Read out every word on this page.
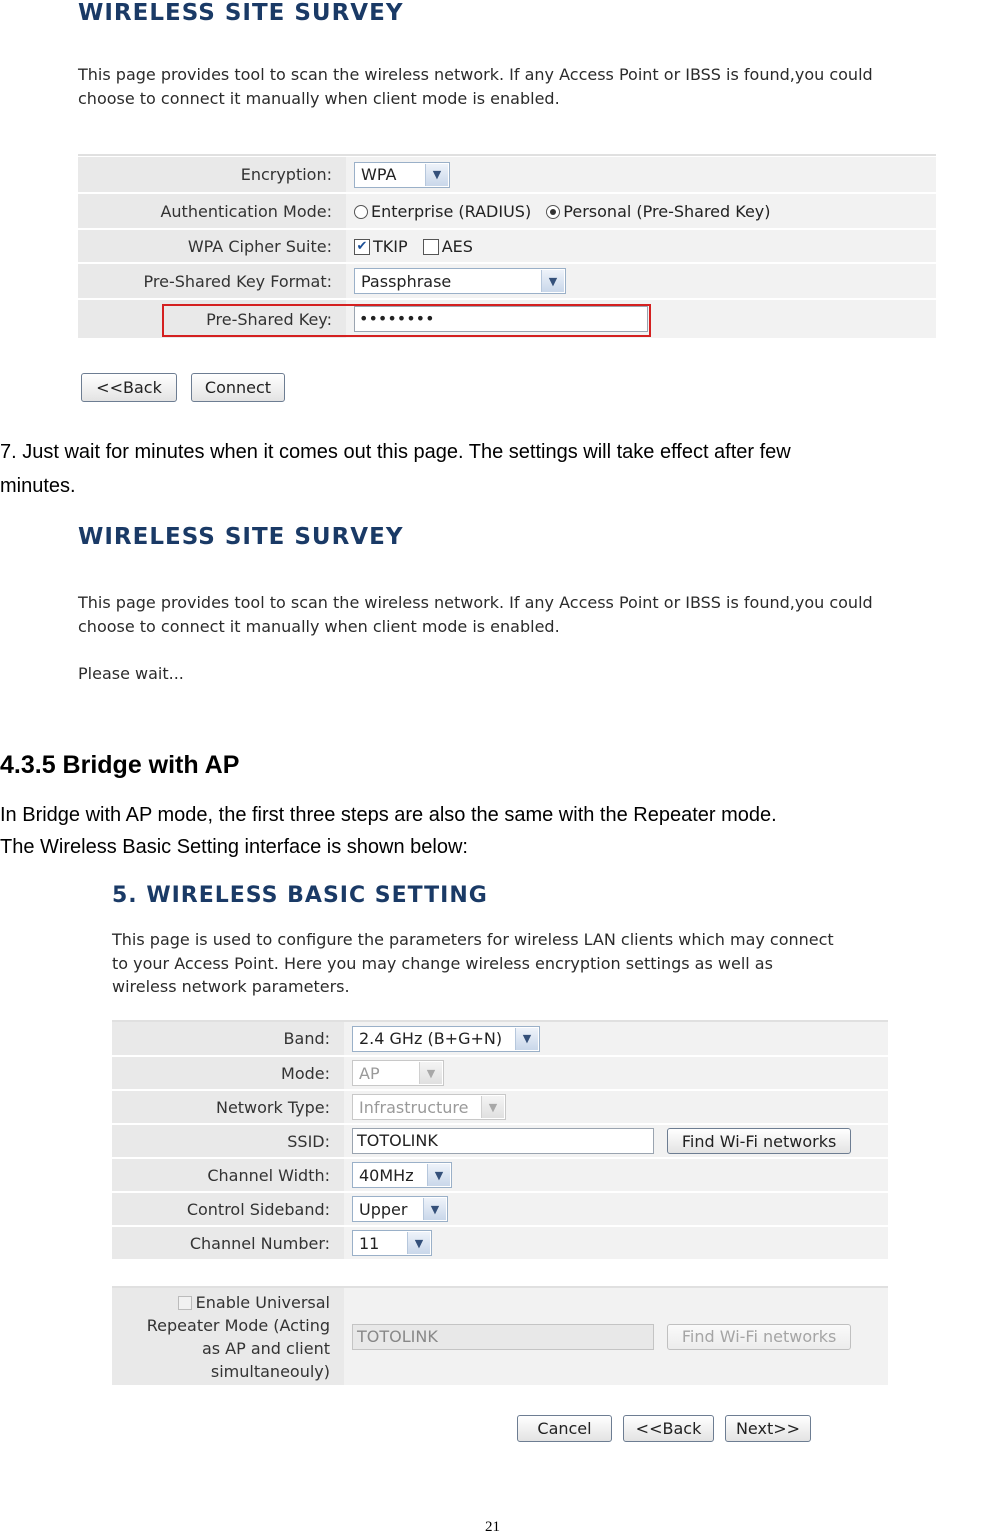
WIRELESS SITE SURVEY
This page provides tool to scan the wireless network. If any Access Point or IBSS is found,you could
choose to connect it manually when client mode is enabled.
Encryption:	WPA ▼

Authentication Mode:	Enterprise (RADIUS) Personal (Pre-Shared Key)
WPA Cipher Suite:	✔ TKIP AES
Pre-Shared Key Format:	Passphrase ▼

Pre-Shared Key:	••••••••
<<Back	Connect
7. Just wait for minutes when it comes out this page. The settings will take effect after few
minutes.
WIRELESS SITE SURVEY
This page provides tool to scan the wireless network. If any Access Point or IBSS is found,you could
choose to connect it manually when client mode is enabled.
Please wait...
4.3.5 Bridge with AP
In Bridge with AP mode, the first three steps are also the same with the Repeater mode.
The Wireless Basic Setting interface is shown below:
5. WIRELESS BASIC SETTING
This page is used to configure the parameters for wireless LAN clients which may connect
to your Access Point. Here you may change wireless encryption settings as well as
wireless network parameters.
Band:	2.4 GHz (B+G+N) ▼

Mode:	AP ▼

Network Type:	Infrastructure ▼

SSID:	TOTOLINK Find Wi-Fi networks
Channel Width:	40MHz ▼

Control Sideband:	Upper ▼

Channel Number:	11 ▼
Enable Universal
Repeater Mode (Acting
as AP and client
simultaneouly)	TOTOLINK	Find Wi-Fi networks
Cancel	<<Back	Next>>
21
